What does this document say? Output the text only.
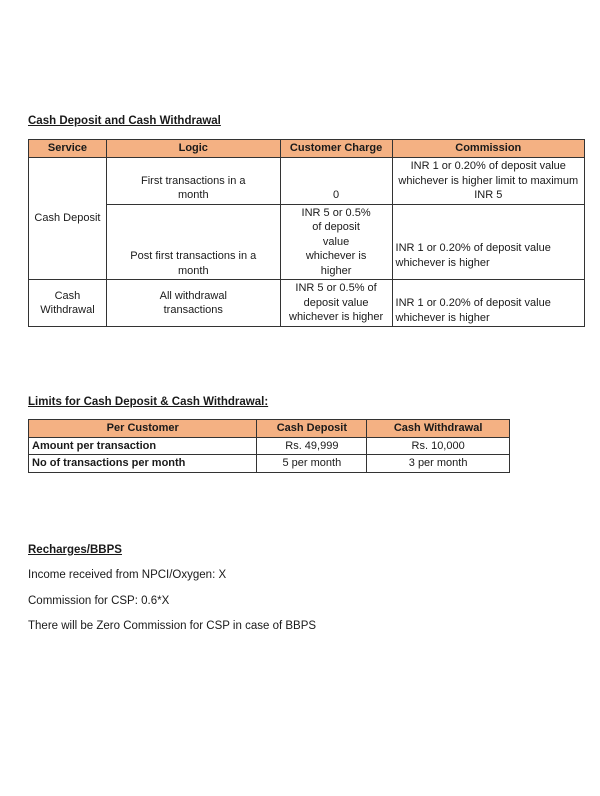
Cash Deposit and Cash Withdrawal
Service	Logic	Customer Charge	Commission
Cash Deposit	First transactions in a month	0	INR 1 or 0.20% of deposit value whichever is higher limit to maximum INR 5
	Post first transactions in a month	INR 5 or 0.5% of deposit value whichever is higher	INR 1 or 0.20% of deposit value whichever is higher
Cash Withdrawal	All withdrawal transactions	INR 5 or 0.5% of deposit value whichever is higher	INR 1 or 0.20% of deposit value whichever is higher
Limits for Cash Deposit & Cash Withdrawal:
Per Customer	Cash Deposit	Cash Withdrawal
Amount per transaction	Rs. 49,999	Rs. 10,000
No of transactions per month	5 per month	3 per month
Recharges/BBPS
Income received from NPCI/Oxygen: X
Commission for CSP: 0.6*X
There will be Zero Commission for CSP in case of BBPS
